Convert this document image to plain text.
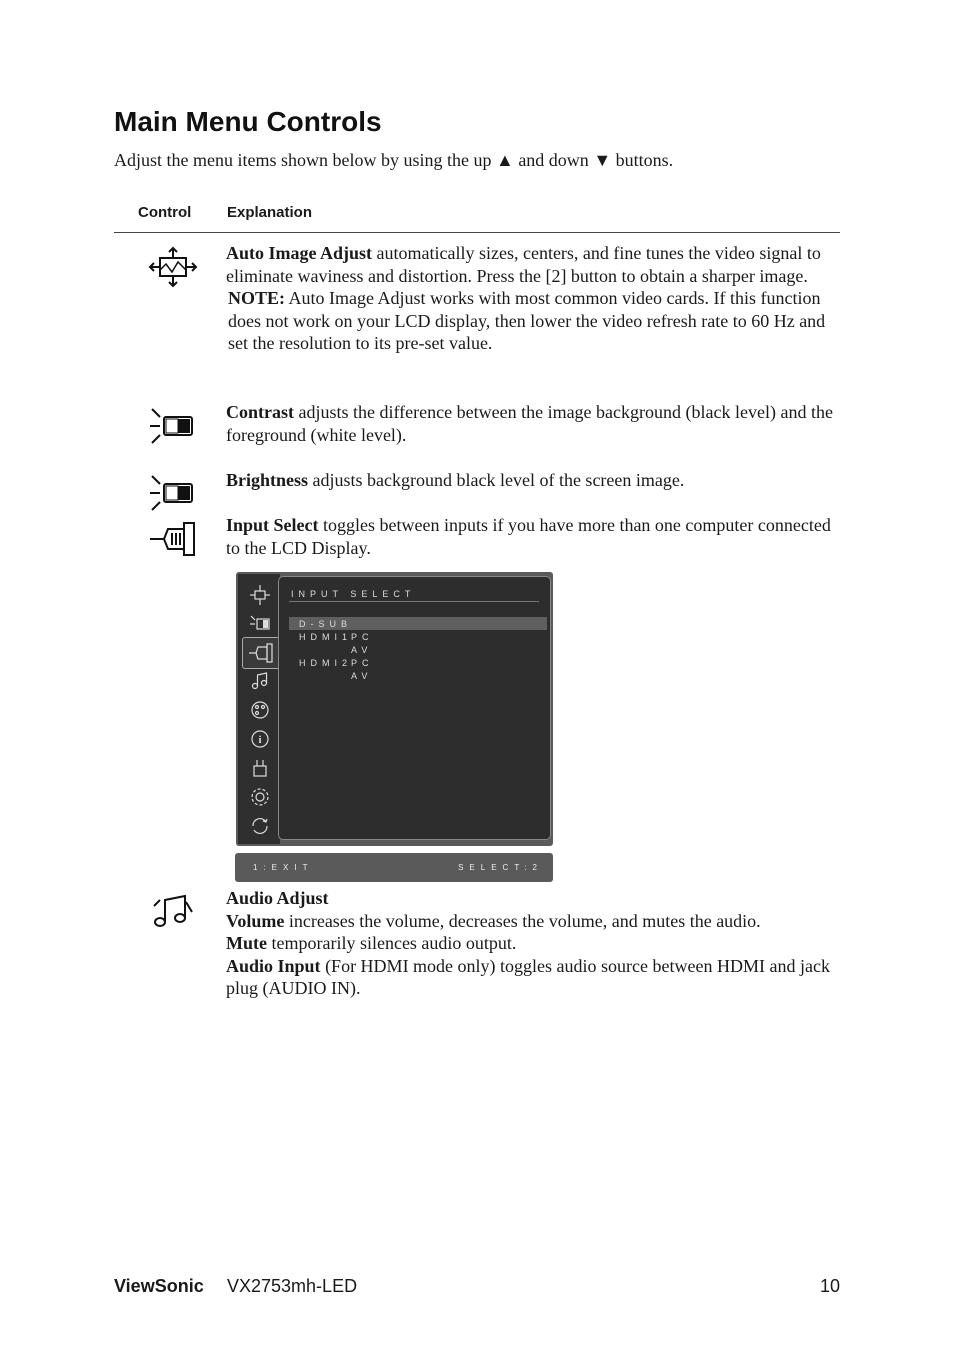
Main Menu Controls
Adjust the menu items shown below by using the up ▲ and down ▼ buttons.
Control Explanation

Auto Image Adjust automatically sizes, centers, and fine tunes the video signal to eliminate waviness and distortion. Press the [2] button to obtain a sharper image.

NOTE: Auto Image Adjust works with most common video cards. If this function does not work on your LCD display, then lower the video refresh rate to 60 Hz and set the resolution to its pre-set value.

Contrast adjusts the difference between the image background (black level) and the foreground (white level).

Brightness adjusts background black level of the screen image.

Input Select toggles between inputs if you have more than one computer connected to the LCD Display.

i
INPUT SELECT
D-SUB
HDMI1
PC
AV
HDMI2
PC
AV
1:EXIT	SELECT:2

Audio Adjust

Volume increases the volume, decreases the volume, and mutes the audio.

Mute temporarily silences audio output.

Audio Input (For HDMI mode only) toggles audio source between HDMI and jack plug (AUDIO IN).

ViewSonic VX2753mh-LED	10
